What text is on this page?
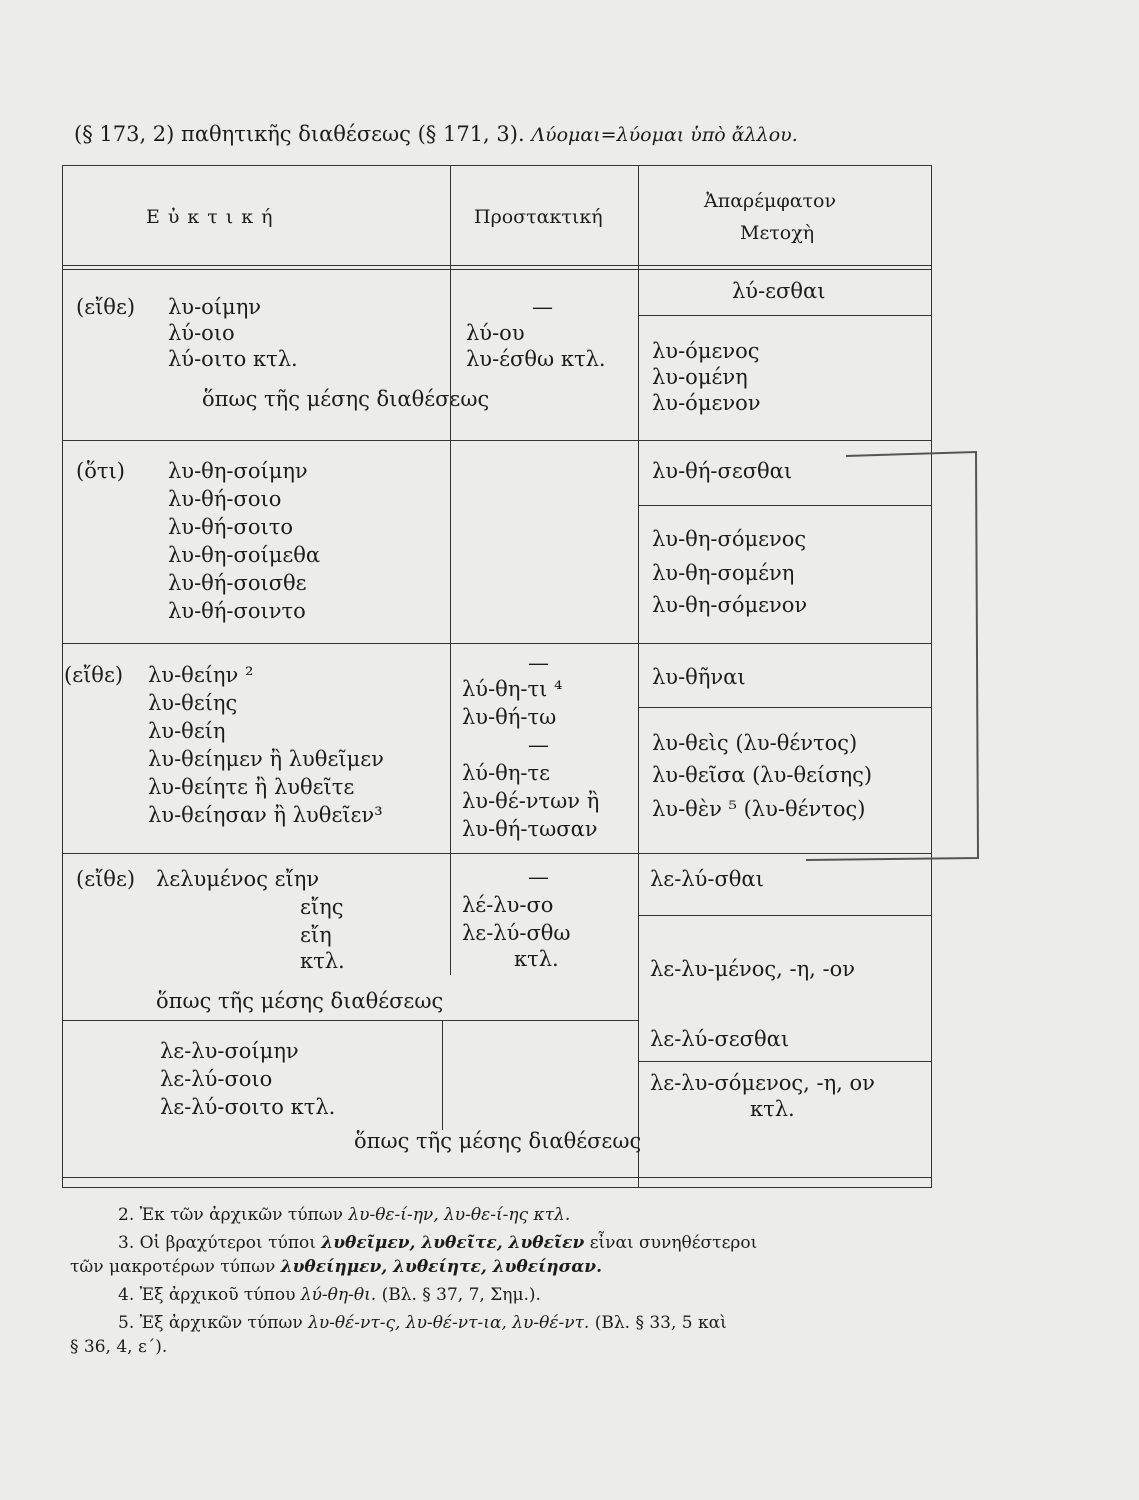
(§ 173, 2) παθητικῆς διαθέσεως (§ 171, 3). Λύομαι=λύομαι ὑπὸ ἄλλου.
Εὐκτική	Προστακτική
Ἀπαρέμφατον
Μετοχὴ
(εἴθε) λυ-οίμην
λύ-οιο
λύ-οιτο κτλ.
—
λύ-ου
λυ-έσθω κτλ.
ὅπως τῆς μέσης διαθέσεως
λύ-εσθαι
λυ-όμενος
λυ-ομένη
λυ-όμενον
(ὅτι) λυ-θη-σοίμην
λυ-θή-σοιο
λυ-θή-σοιτο
λυ-θη-σοίμεθα
λυ-θή-σοισθε
λυ-θή-σοιντο
λυ-θή-σεσθαι
λυ-θη-σόμενος
λυ-θη-σομένη
λυ-θη-σόμενον
(εἴθε) λυ-θείην ²
λυ-θείης
λυ-θείη
λυ-θείημεν ἢ λυθεῖμεν
λυ-θείητε ἢ λυθεῖτε
λυ-θείησαν ἢ λυθεῖεν³
—
λύ-θη-τι ⁴
λυ-θή-τω
—
λύ-θη-τε
λυ-θέ-ντων ἢ
λυ-θή-τωσαν
λυ-θῆναι
λυ-θεὶς (λυ-θέντος)
λυ-θεῖσα (λυ-θείσης)
λυ-θὲν ⁵ (λυ-θέντος)
(εἴθε) λελυμένος εἴην
εἴης
εἴη
κτλ.
—
λέ-λυ-σο
λε-λύ-σθω
κτλ.
ὅπως τῆς μέσης διαθέσεως
λε-λύ-σθαι
λε-λυ-μένος, -η, -ον
λε-λυ-σοίμην
λε-λύ-σοιο
λε-λύ-σοιτο κτλ.
λε-λύ-σεσθαι
λε-λυ-σόμενος, -η, ον
κτλ.
ὅπως τῆς μέσης διαθέσεως
2. Ἐκ τῶν ἀρχικῶν τύπων λυ-θε-ί-ην, λυ-θε-ί-ης κτλ.
3. Οἱ βραχύτεροι τύποι λυθεῖμεν, λυθεῖτε, λυθεῖεν εἶναι συνηθέστεροι
τῶν μακροτέρων τύπων λυθείημεν, λυθείητε, λυθείησαν.
4. Ἐξ ἀρχικοῦ τύπου λύ-θη-θι. (Βλ. § 37, 7, Σημ.).
5. Ἐξ ἀρχικῶν τύπων λυ-θέ-ντ-ς, λυ-θέ-ντ-ια, λυ-θέ-ντ. (Βλ. § 33, 5 καὶ
§ 36, 4, ε΄).
